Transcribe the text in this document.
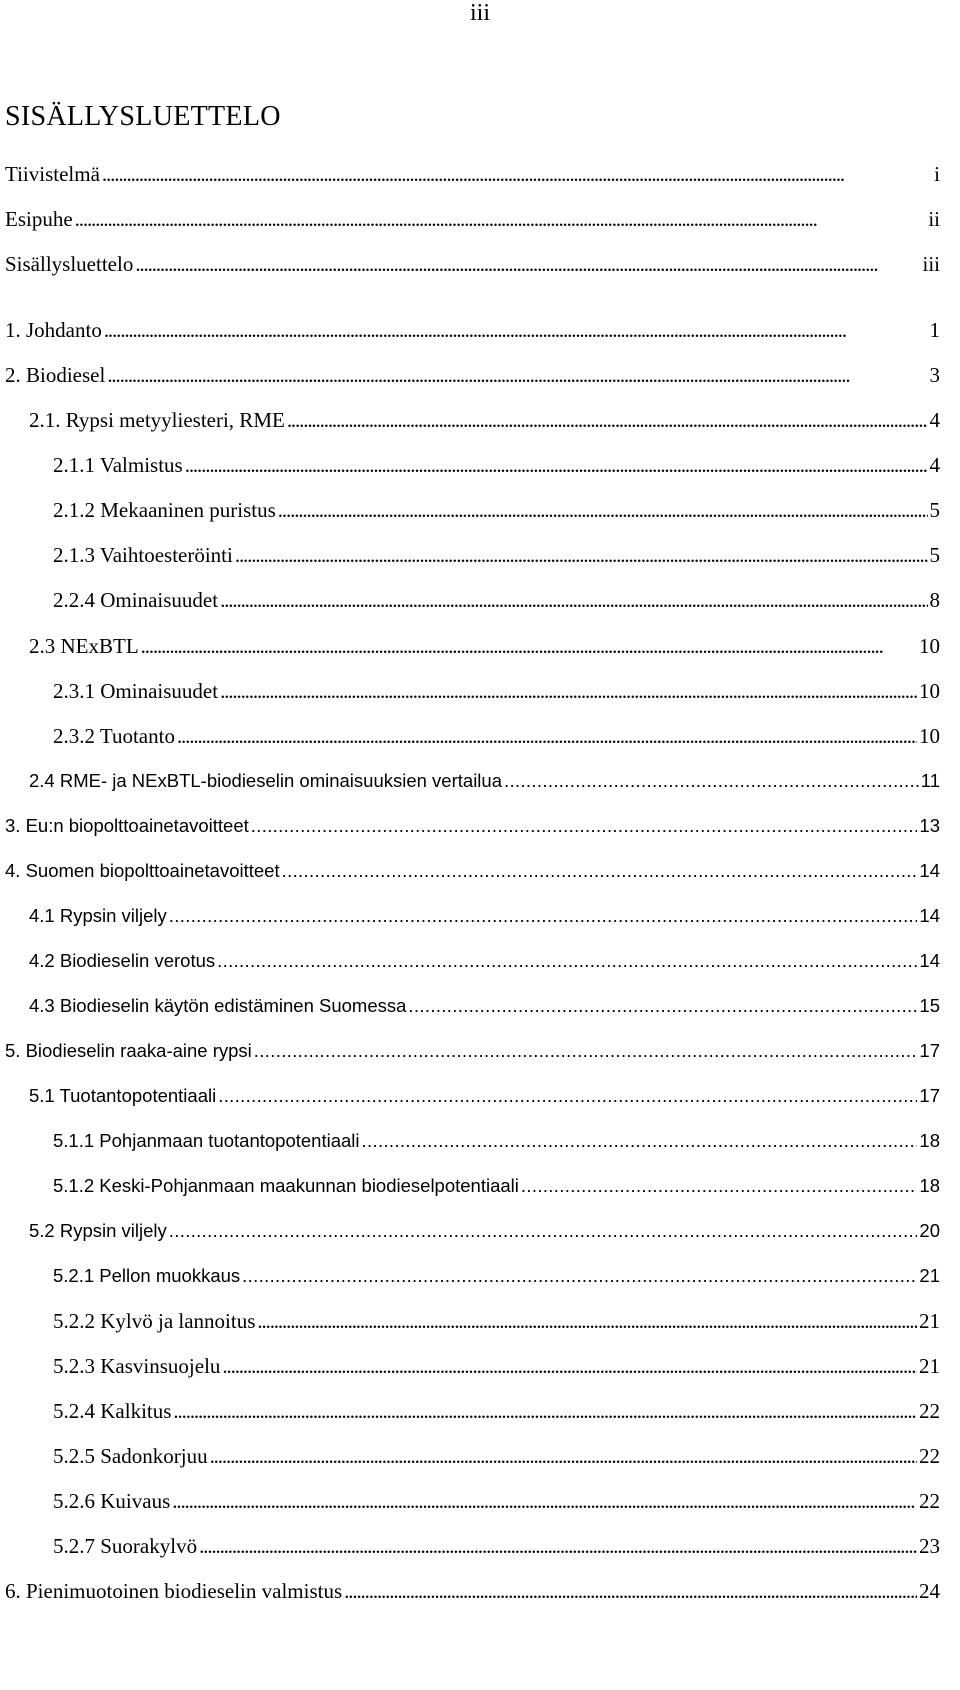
iii
SISÄLLYSLUETTELO
Tiivistelmä . . .	i
Esipuhe . . .	ii
Sisällysluettelo . . .	iii
1. Johdanto . . .	1
2. Biodiesel . . .	3
2.1. Rypsi metyyliesteri, RME . . .	4
2.1.1 Valmistus . . .	4
2.1.2 Mekaaninen puristus . . .	5
2.1.3 Vaihtoesteröinti . . .	5
2.2.4 Ominaisuudet . . .	8
2.3 NExBTL . . .	10
2.3.1 Ominaisuudet . . .	10
2.3.2 Tuotanto . . .	10
2.4 RME- ja NExBTL-biodieselin ominaisuuksien vertailua . . .	11
3. Eu:n biopolttoainetavoitteet . . .	13
4. Suomen biopolttoainetavoitteet . . .	14
4.1 Rypsin viljely . . .	14
4.2 Biodieselin verotus . . .	14
4.3 Biodieselin käytön edistäminen Suomessa . . .	15
5. Biodieselin raaka-aine rypsi . . .	17
5.1 Tuotantopotentiaali . . .	17
5.1.1 Pohjanmaan tuotantopotentiaali . . .	18
5.1.2 Keski-Pohjanmaan maakunnan biodieselpotentiaali . . .	18
5.2 Rypsin viljely . . .	20
5.2.1 Pellon muokkaus . . .	21
5.2.2 Kylvö ja lannoitus . . .	21
5.2.3 Kasvinsuojelu . . .	21
5.2.4 Kalkitus . . .	22
5.2.5 Sadonkorjuu . . .	22
5.2.6 Kuivaus . . .	22
5.2.7 Suorakylvö . . .	23
6. Pienimuotoinen biodieselin valmistus . . .	24
